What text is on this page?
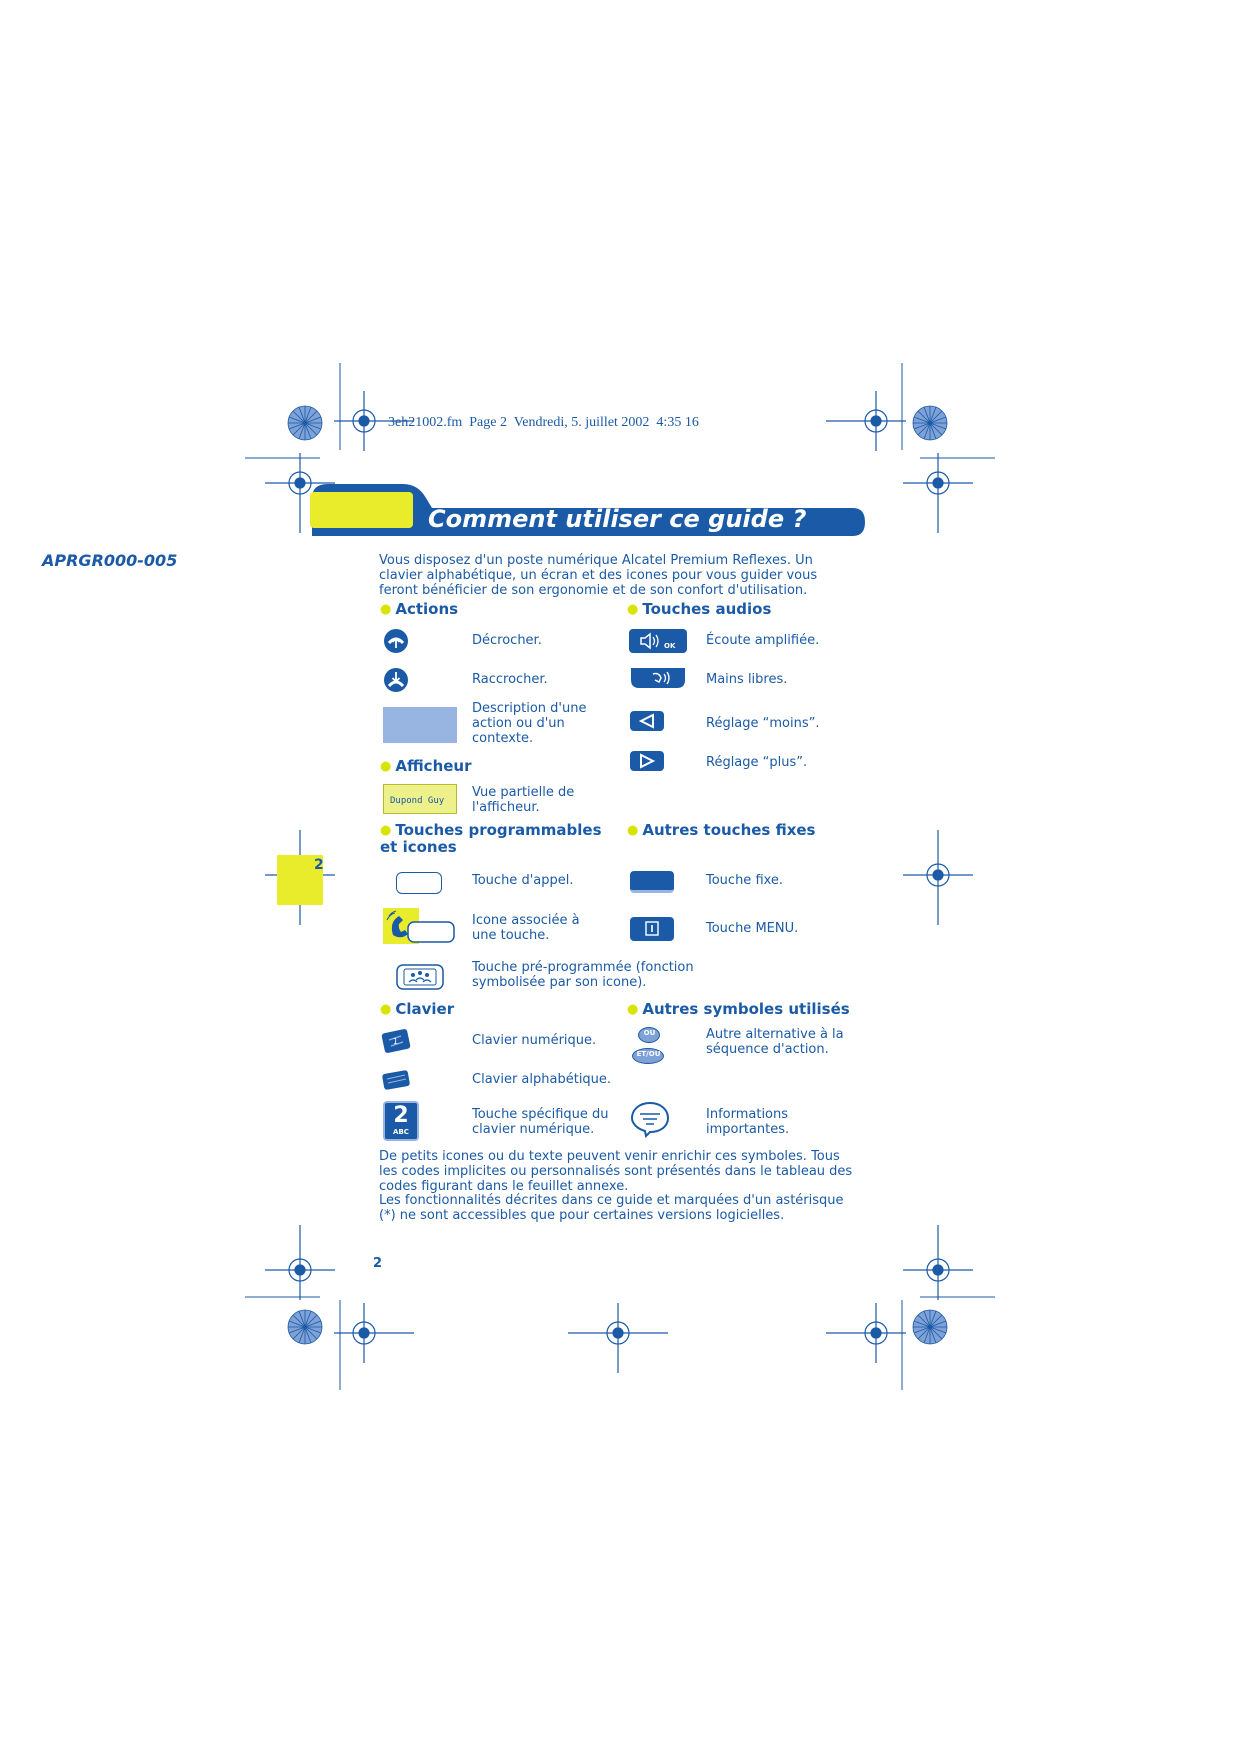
3eh21002.fm  Page 2  Vendredi, 5. juillet 2002  4:35 16
APRGR000-005
Comment utiliser ce guide ?
2
Vous disposez d'un poste numérique Alcatel Premium Reflexes. Un clavier alphabétique, un écran et des icones pour vous guider vous feront bénéficier de son ergonomie et de son confort d'utilisation.
● Actions
Décrocher.
Raccrocher.
Description d'une action ou d'un contexte.
● Afficheur
Dupond Guy
Vue partielle de l'afficheur.
● Touches programmables et icones
Touche d'appel.
Icone associée à une touche.
Touche pré-programmée (fonction symbolisée par son icone).
● Clavier
1	Clavier numérique.
Clavier alphabétique.
2
ABC
Touche spécifique du clavier numérique.
● Touches audios
OK Écoute amplifiée.
Mains libres.
Réglage “moins”.
Réglage “plus”.
● Autres touches fixes
Touche fixe.
Touche MENU.
● Autres symboles utilisés
OU
ET/OU
Autre alternative à la séquence d'action.
Informations importantes.
De petits icones ou du texte peuvent venir enrichir ces symboles. Tous les codes implicites ou personnalisés sont présentés dans le tableau des codes figurant dans le feuillet annexe.
Les fonctionnalités décrites dans ce guide et marquées d'un astérisque (*) ne sont accessibles que pour certaines versions logicielles.
2
